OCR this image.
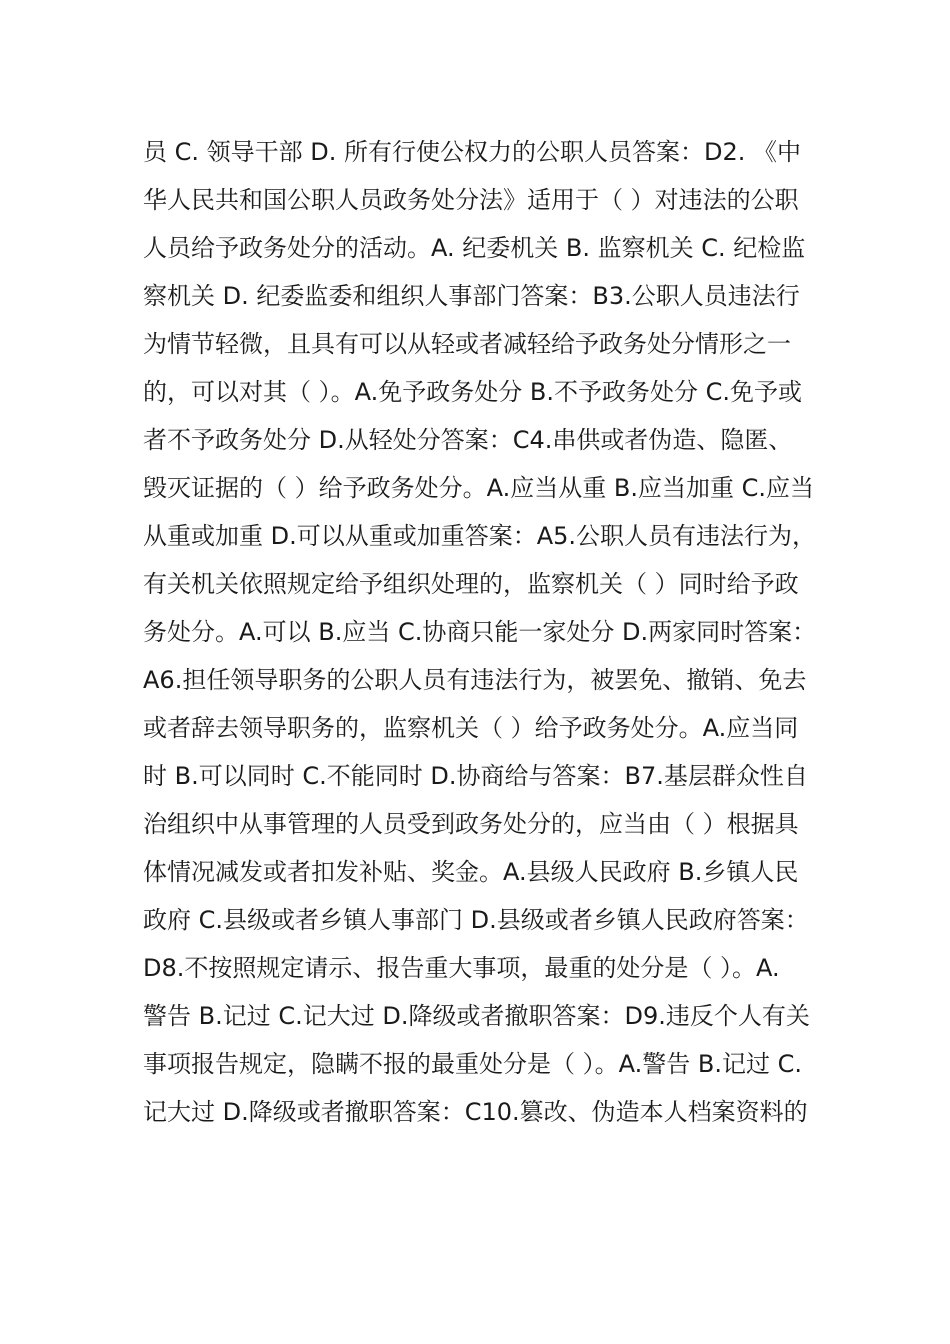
员 C. 领导干部 D. 所有行使公权力的公职人员答案：D2. 《中
华人民共和国公职人员政务处分法》适用于（ ）对违法的公职
人员给予政务处分的活动。A. 纪委机关 B. 监察机关 C. 纪检监
察机关 D. 纪委监委和组织人事部门答案：B3.公职人员违法行
为情节轻微，且具有可以从轻或者减轻给予政务处分情形之一
的，可以对其（ ）。A.免予政务处分 B.不予政务处分 C.免予或
者不予政务处分 D.从轻处分答案：C4.串供或者伪造、隐匿、
毁灭证据的（ ）给予政务处分。A.应当从重 B.应当加重 C.应当
从重或加重 D.可以从重或加重答案：A5.公职人员有违法行为，
有关机关依照规定给予组织处理的，监察机关（ ）同时给予政
务处分。A.可以 B.应当 C.协商只能一家处分 D.两家同时答案：
A6.担任领导职务的公职人员有违法行为，被罢免、撤销、免去
或者辞去领导职务的，监察机关（ ）给予政务处分。A.应当同
时 B.可以同时 C.不能同时 D.协商给与答案：B7.基层群众性自
治组织中从事管理的人员受到政务处分的，应当由（ ）根据具
体情况减发或者扣发补贴、奖金。A.县级人民政府 B.乡镇人民
政府 C.县级或者乡镇人事部门 D.县级或者乡镇人民政府答案：
D8.不按照规定请示、报告重大事项，最重的处分是（ ）。A.
警告 B.记过 C.记大过 D.降级或者撤职答案：D9.违反个人有关
事项报告规定，隐瞒不报的最重处分是（ ）。A.警告 B.记过 C.
记大过 D.降级或者撤职答案：C10.篡改、伪造本人档案资料的
